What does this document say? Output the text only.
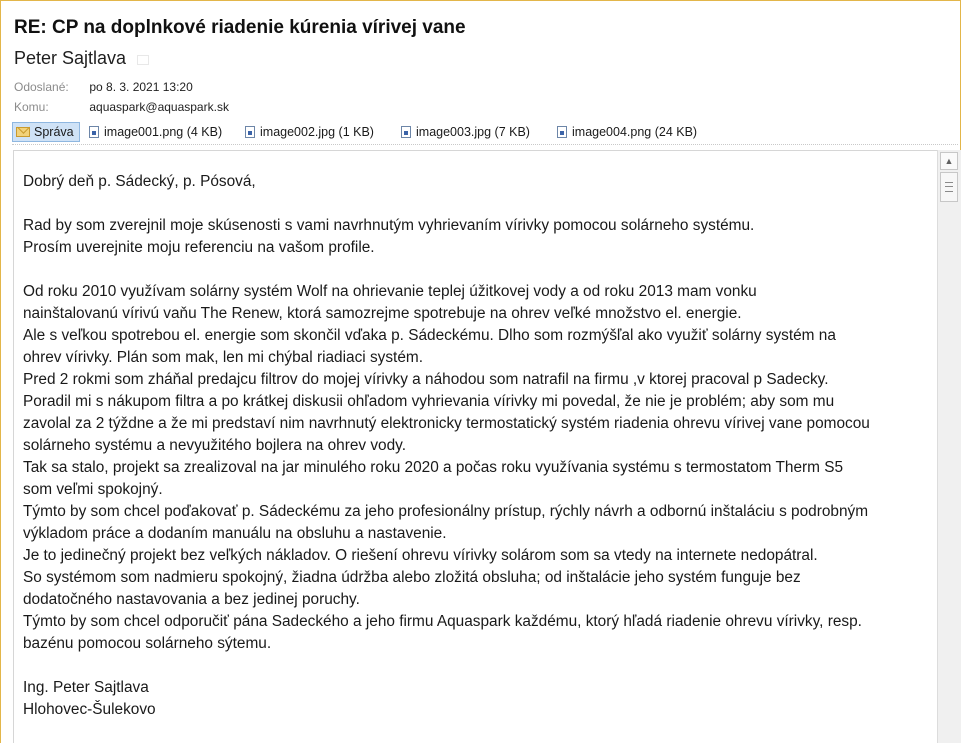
RE: CP na doplnkové riadenie kúrenia vírivej vane
Peter Sajtlava
Odoslané: po 8. 3. 2021 13:20
Komu:	aquaspark@aquaspark.sk
Správa image001.png (4 KB)	image002.jpg (1 KB)	image003.jpg (7 KB)	image004.png (24 KB)

Dobrý deň p. Sádecký, p. Pósová,

Rad by som zverejnil moje skúsenosti s vami navrhnutým vyhrievaním vírivky pomocou solárneho systému.

Prosím uverejnite moju referenciu na vašom profile.

Od roku 2010 využívam solárny systém Wolf na ohrievanie teplej úžitkovej vody a od roku 2013 mam vonku

nainštalovanú vírivú vaňu The Renew, ktorá samozrejme spotrebuje na ohrev veľké množstvo el. energie.

Ale s veľkou spotrebou el. energie som skončil vďaka p. Sádeckému. Dlho som rozmýšľal ako využiť solárny systém na

ohrev vírivky. Plán som mak, len mi chýbal riadiaci systém.

Pred 2 rokmi som zháňal predajcu filtrov do mojej vírivky a náhodou som natrafil na firmu ,v ktorej pracoval p Sadecky.

Poradil mi s nákupom filtra a po krátkej diskusii ohľadom vyhrievania vírivky mi povedal, že nie je problém; aby som mu

zavolal za 2 týždne a že mi predstaví nim navrhnutý elektronicky termostatický systém riadenia ohrevu vírivej vane pomocou

solárneho systému a nevyužitého bojlera na ohrev vody.

Tak sa stalo, projekt sa zrealizoval na jar minulého roku 2020 a počas roku využívania systému s termostatom Therm S5

som veľmi spokojný.

Týmto by som chcel poďakovať p. Sádeckému za jeho profesionálny prístup, rýchly návrh a odbornú inštaláciu s podrobným

výkladom práce a dodaním manuálu na obsluhu a nastavenie.

Je to jedinečný projekt bez veľkých nákladov. O riešení ohrevu vírivky solárom som sa vtedy na internete nedopátral.

So systémom som nadmieru spokojný, žiadna údržba alebo zložitá obsluha; od inštalácie jeho systém funguje bez

dodatočného nastavovania a bez jedinej poruchy.

Týmto by som chcel odporučiť pána Sadeckého a jeho firmu Aquaspark každému, ktorý hľadá riadenie ohrevu vírivky, resp.

bazénu pomocou solárneho sýtemu.

Ing. Peter Sajtlava

Hlohovec-Šulekovo

▲
